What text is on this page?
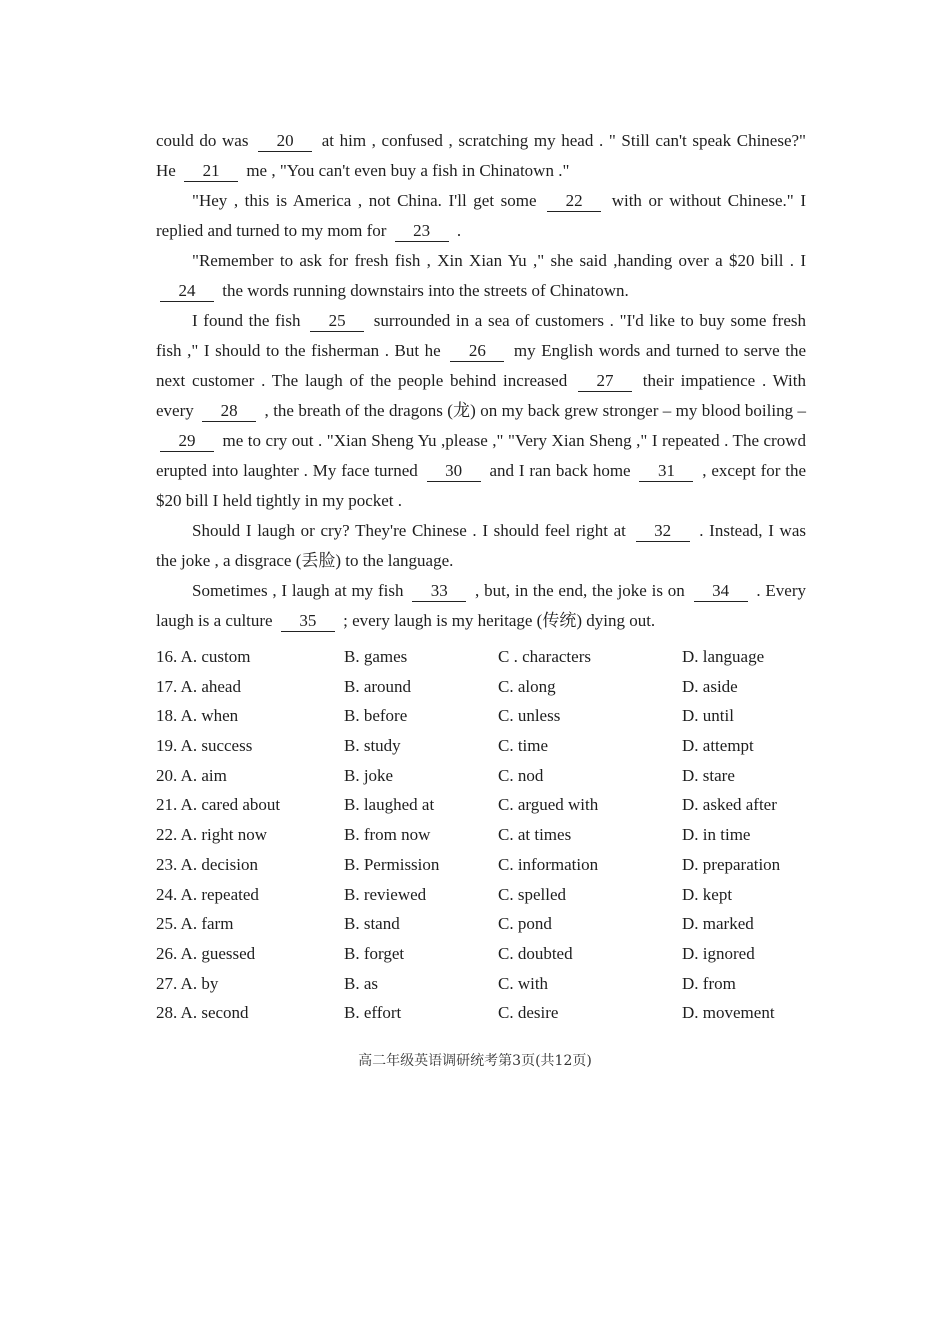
could do was 20 at him , confused , scratching my head . " Still can't speak Chinese?" He 21 me , "You can't even buy a fish in Chinatown ."

"Hey , this is America , not China. I'll get some 22 with or without Chinese." I replied and turned to my mom for 23 .

"Remember to ask for fresh fish , Xin Xian Yu ," she said ,handing over a $20 bill . I 24 the words running downstairs into the streets of Chinatown.

I found the fish 25 surrounded in a sea of customers . "I'd like to buy some fresh fish ," I should to the fisherman . But he 26 my English words and turned to serve the next customer . The laugh of the people behind increased 27 their impatience . With every 28 , the breath of the dragons (龙) on my back grew stronger – my blood boiling – 29 me to cry out . "Xian Sheng Yu ,please ," "Very Xian Sheng ," I repeated . The crowd erupted into laughter . My face turned 30 and I ran back home 31 , except for the $20 bill I held tightly in my pocket .

Should I laugh or cry? They're Chinese . I should feel right at 32 . Instead, I was the joke , a disgrace (丢脸) to the language.

Sometimes , I laugh at my fish 33 , but, in the end, the joke is on 34 . Every laugh is a culture 35 ; every laugh is my heritage (传统) dying out.

16. A. custom	B. games	C . characters	D. language
17. A. ahead	B. around	C. along	D. aside
18. A. when	B. before	C. unless	D. until
19. A. success	B. study	C. time	D. attempt
20. A. aim	B. joke	C. nod	D. stare
21. A. cared about	B. laughed at	C. argued with	D. asked after
22. A. right now	B. from now	C. at times	D. in time
23. A. decision	B. Permission	C. information	D. preparation
24. A. repeated	B. reviewed	C. spelled	D. kept
25. A. farm	B. stand	C. pond	D. marked
26. A. guessed	B. forget	C. doubted	D. ignored
27. A. by	B. as	C. with	D. from
28. A. second	B. effort	C. desire	D. movement
高二年级英语调研统考第3页(共12页)
